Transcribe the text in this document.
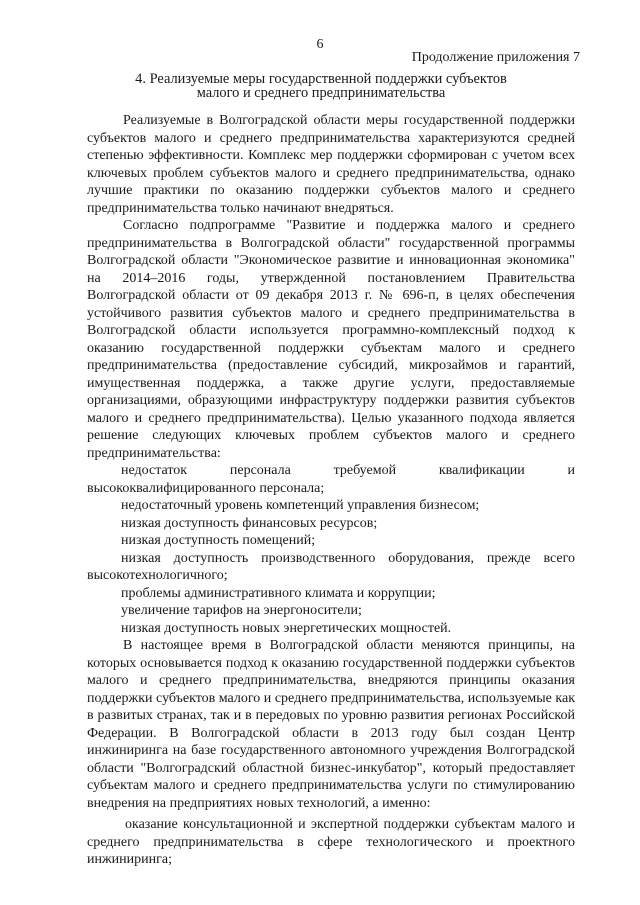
6
Продолжение приложения 7
4. Реализуемые меры государственной поддержки субъектов
малого и среднего предпринимательства

Реализуемые в Волгоградской области меры государственной поддержки субъектов малого и среднего предпринимательства характеризуются средней степенью эффективности. Комплекс мер поддержки сформирован с учетом всех ключевых проблем субъектов малого и среднего предпринимательства, однако лучшие практики по оказанию поддержки субъектов малого и среднего предпринимательства только начинают внедряться.

Согласно подпрограмме "Развитие и поддержка малого и среднего предпринимательства в Волгоградской области" государственной программы Волгоградской области "Экономическое развитие и инновационная экономика" на 2014–2016 годы, утвержденной постановлением Правительства Волгоградской области от 09 декабря 2013 г. № 696-п, в целях обеспечения устойчивого развития субъектов малого и среднего предпринимательства в Волгоградской области используется программно-комплексный подход к оказанию государственной поддержки субъектам малого и среднего предпринимательства (предоставление субсидий, микрозаймов и гарантий, имущественная поддержка, а также другие услуги, предоставляемые организациями, образующими инфраструктуру поддержки развития субъектов малого и среднего предпринимательства). Целью указанного подхода является решение следующих ключевых проблем субъектов малого и среднего предпринимательства:

недостаток персонала требуемой квалификации и высококвалифицированного персонала;

недостаточный уровень компетенций управления бизнесом;

низкая доступность финансовых ресурсов;

низкая доступность помещений;

низкая доступность производственного оборудования, прежде всего высокотехнологичного;

проблемы административного климата и коррупции;

увеличение тарифов на энергоносители;

низкая доступность новых энергетических мощностей.

В настоящее время в Волгоградской области меняются принципы, на которых основывается подход к оказанию государственной поддержки субъектов малого и среднего предпринимательства, внедряются принципы оказания поддержки субъектов малого и среднего предпринимательства, используемые как в развитых странах, так и в передовых по уровню развития регионах Российской Федерации. В Волгоградской области в 2013 году был создан Центр инжиниринга на базе государственного автономного учреждения Волгоградской области "Волгоградский областной бизнес-инкубатор", который предоставляет субъектам малого и среднего предпринимательства услуги по стимулированию внедрения на предприятиях новых технологий, а именно:

оказание консультационной и экспертной поддержки субъектам малого и среднего предпринимательства в сфере технологического и проектного инжиниринга;
